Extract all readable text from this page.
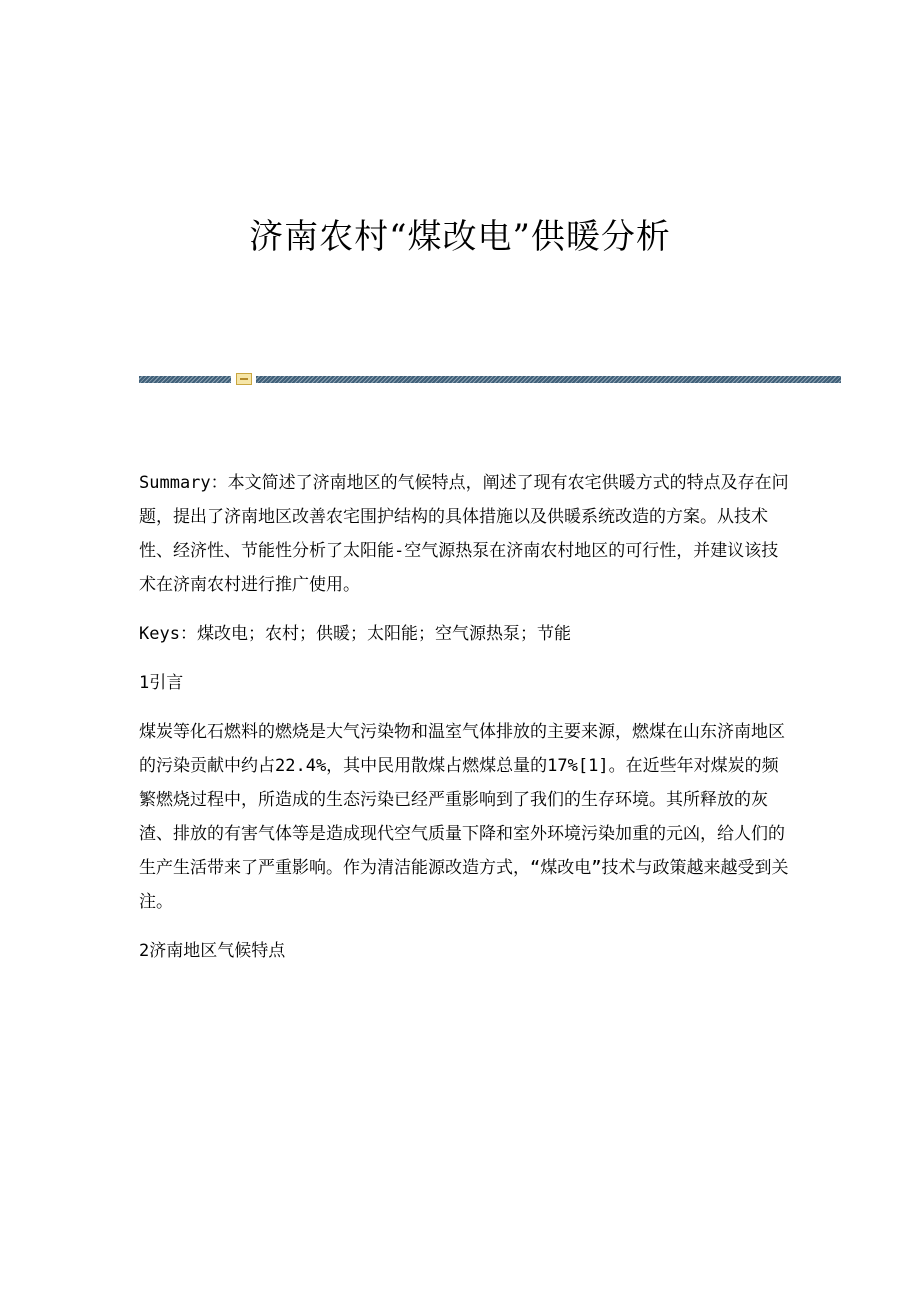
济南农村“煤改电”供暖分析

Summary：本文简述了济南地区的气候特点，阐述了现有农宅供暖方式的特点及存在问题，提出了济南地区改善农宅围护结构的具体措施以及供暖系统改造的方案。从技术性、经济性、节能性分析了太阳能-空气源热泵在济南农村地区的可行性，并建议该技术在济南农村进行推广使用。

Keys：煤改电；农村；供暖；太阳能；空气源热泵；节能

1引言

煤炭等化石燃料的燃烧是大气污染物和温室气体排放的主要来源，燃煤在山东济南地区的污染贡献中约占22.4%，其中民用散煤占燃煤总量的17%[1]。在近些年对煤炭的频繁燃烧过程中，所造成的生态污染已经严重影响到了我们的生存环境。其所释放的灰渣、排放的有害气体等是造成现代空气质量下降和室外环境污染加重的元凶，给人们的生产生活带来了严重影响。作为清洁能源改造方式，“煤改电”技术与政策越来越受到关注。

2济南地区气候特点
